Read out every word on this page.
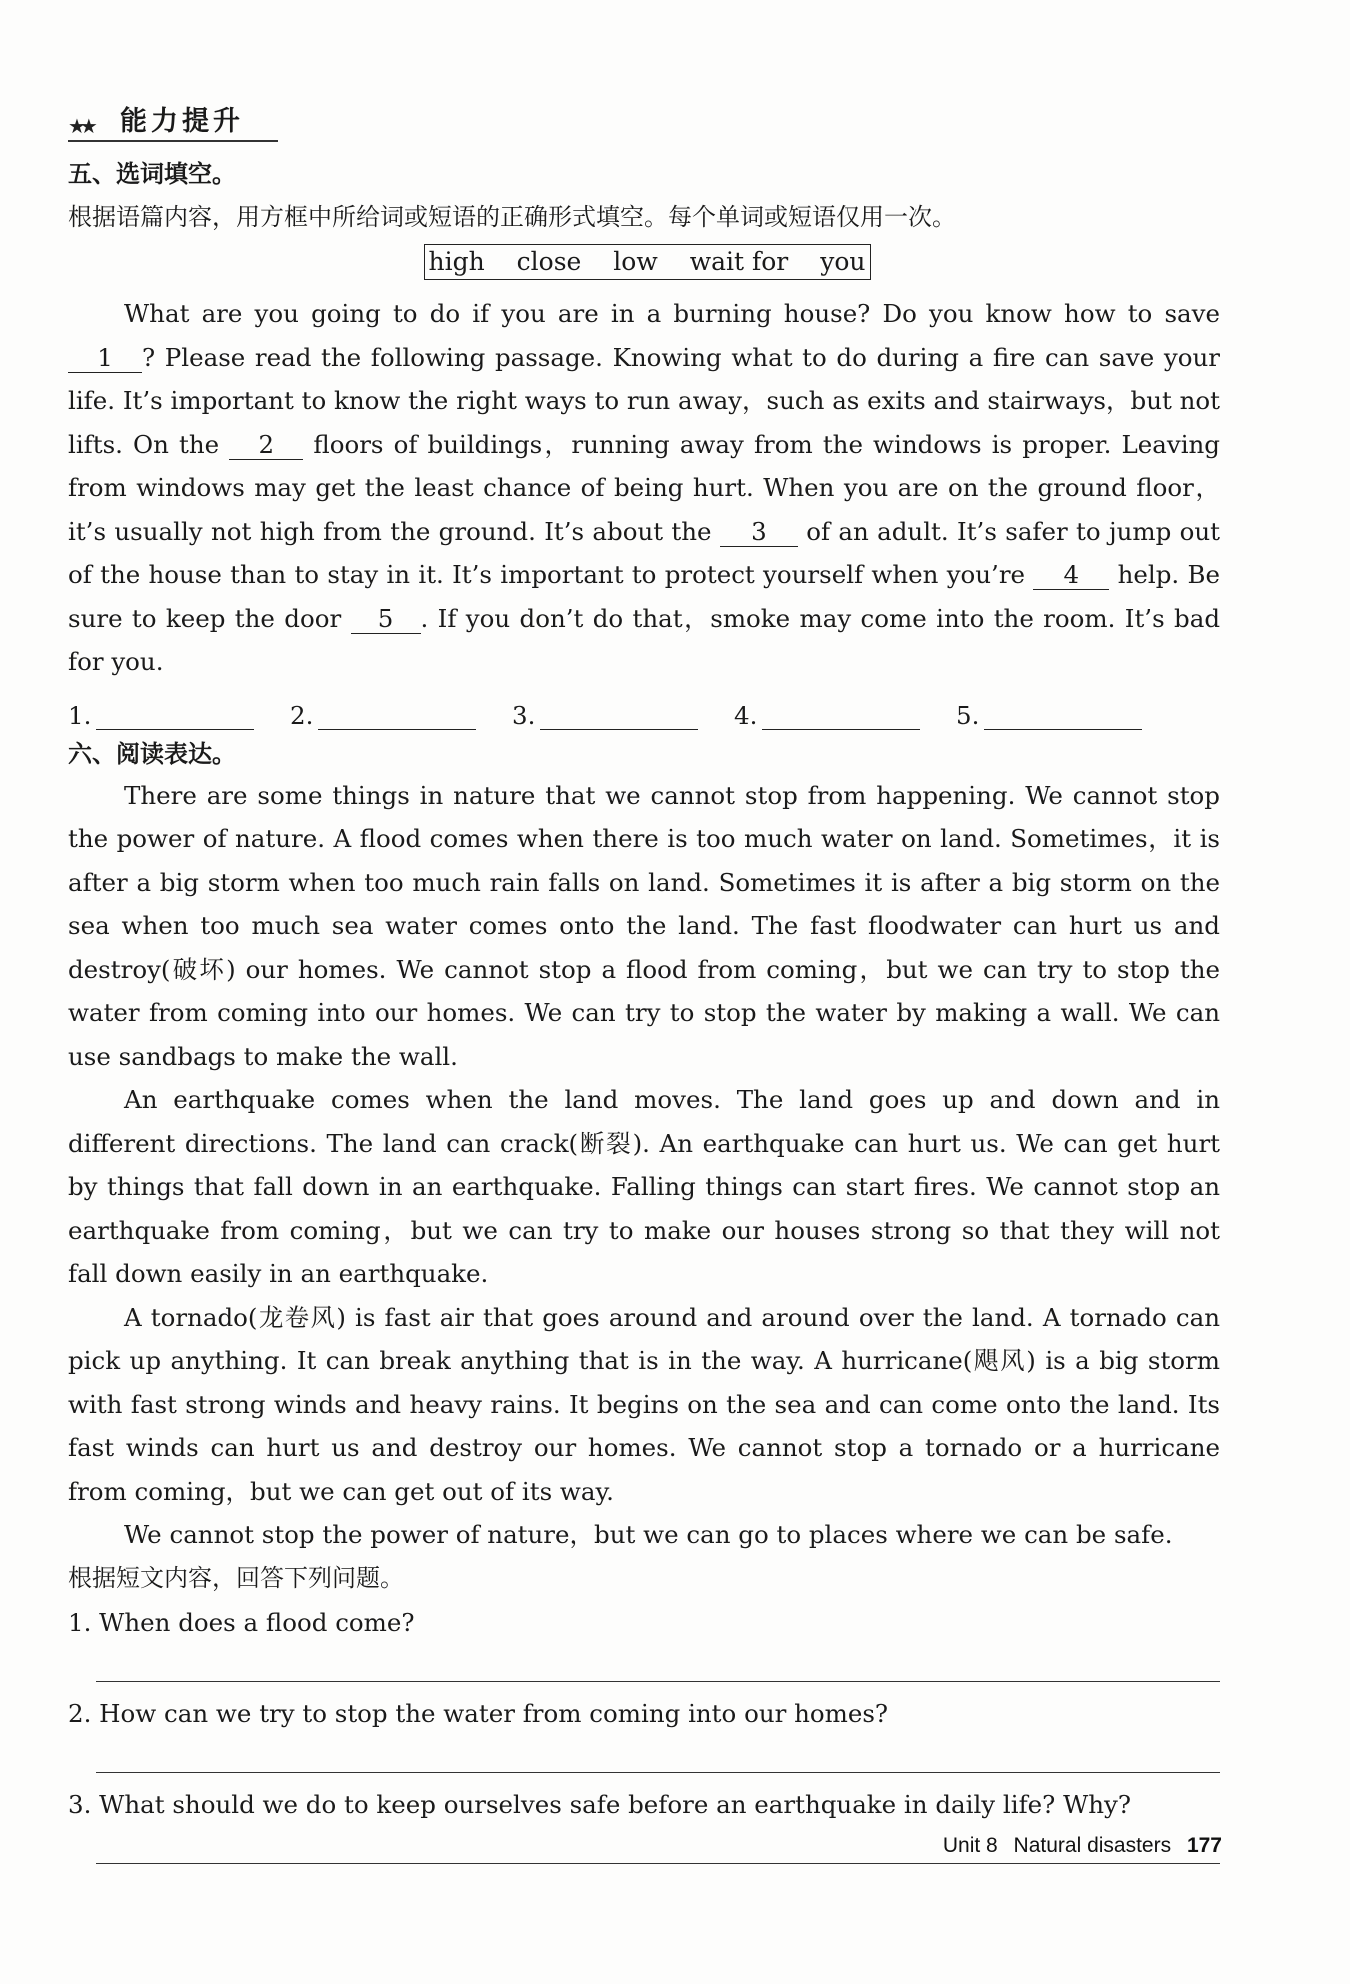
★★ 能力提升
五、选词填空。
根据语篇内容，用方框中所给词或短语的正确形式填空。每个单词或短语仅用一次。
high close low wait for you

What are you going to do if you are in a burning house? Do you know how to save 1 ? Please read the following passage. Knowing what to do during a fire can save your life. It’s important to know the right ways to run away，such as exits and stairways，but not lifts. On the 2 floors of buildings，running away from the windows is proper. Leaving from windows may get the least chance of being hurt. When you are on the ground floor，it’s usually not high from the ground. It’s about the 3 of an adult. It’s safer to jump out of the house than to stay in it. It’s important to protect yourself when you’re 4 help. Be sure to keep the door 5 . If you don’t do that，smoke may come into the room. It’s bad for you.

1.	2.	3.	4.	5.
六、阅读表达。

There are some things in nature that we cannot stop from happening. We cannot stop the power of nature. A flood comes when there is too much water on land. Sometimes，it is after a big storm when too much rain falls on land. Sometimes it is after a big storm on the sea when too much sea water comes onto the land. The fast floodwater can hurt us and destroy(破坏) our homes. We cannot stop a flood from coming，but we can try to stop the water from coming into our homes. We can try to stop the water by making a wall. We can use sandbags to make the wall.

An earthquake comes when the land moves. The land goes up and down and in different directions. The land can crack(断裂). An earthquake can hurt us. We can get hurt by things that fall down in an earthquake. Falling things can start fires. We cannot stop an earthquake from coming，but we can try to make our houses strong so that they will not fall down easily in an earthquake.

A tornado(龙卷风) is fast air that goes around and around over the land. A tornado can pick up anything. It can break anything that is in the way. A hurricane(飓风) is a big storm with fast strong winds and heavy rains. It begins on the sea and can come onto the land. Its fast winds can hurt us and destroy our homes. We cannot stop a tornado or a hurricane from coming，but we can get out of its way.

We cannot stop the power of nature，but we can go to places where we can be safe.

根据短文内容，回答下列问题。
1. When does a flood come?
2. How can we try to stop the water from coming into our homes?
3. What should we do to keep ourselves safe before an earthquake in daily life? Why?
Unit 8 Natural disasters 177
